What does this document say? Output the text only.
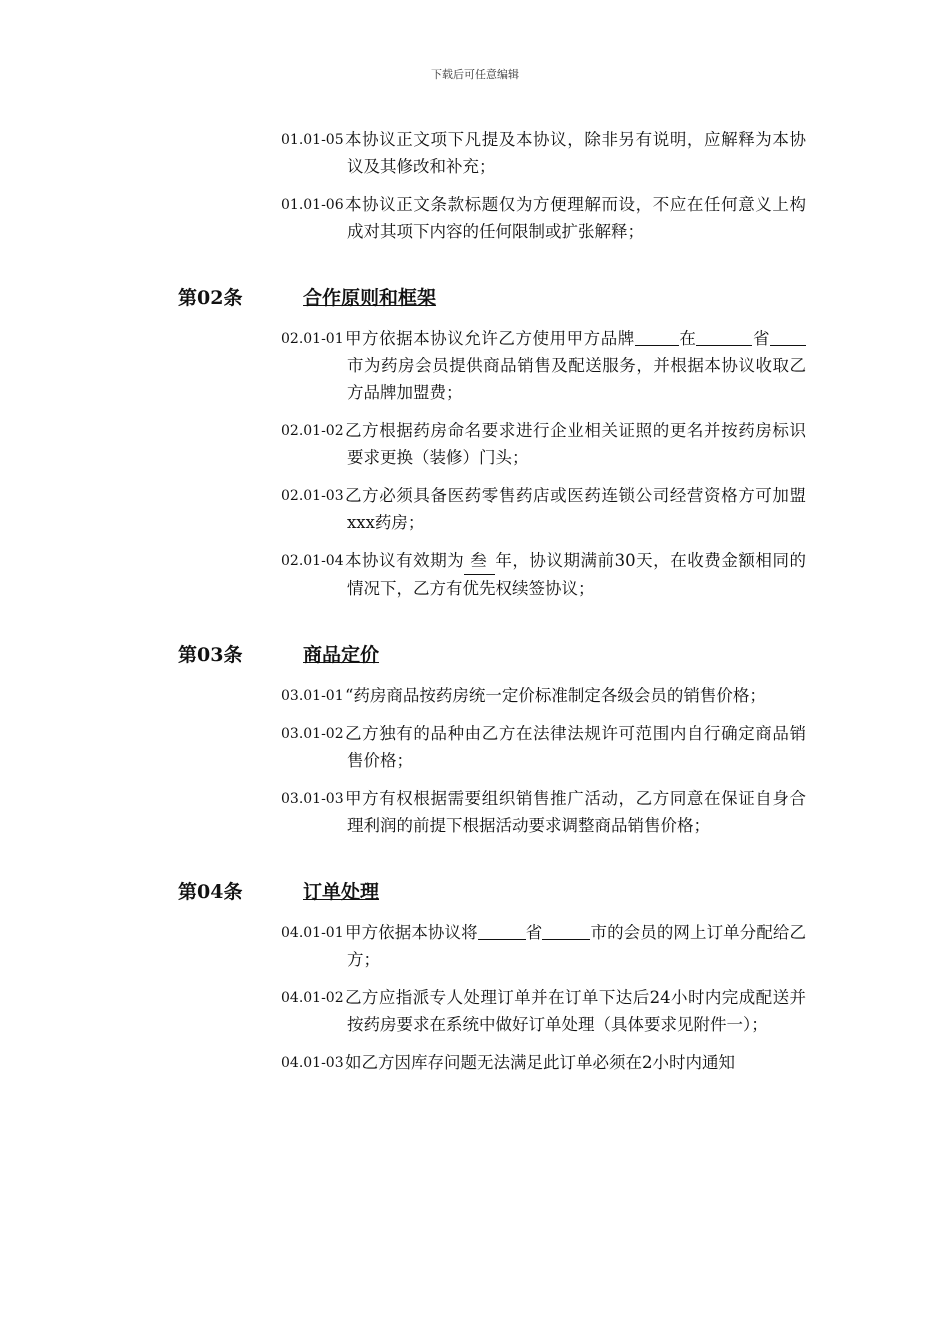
下载后可任意编辑
01.01-05 本协议正文项下凡提及本协议，除非另有说明，应解释为本协议及其修改和补充；
01.01-06 本协议正文条款标题仅为方便理解而设，不应在任何意义上构成对其项下内容的任何限制或扩张解释；
第02条	合作原则和框架
02.01-01 甲方依据本协议允许乙方使用甲方品牌	在	省市为药房会员提供商品销售及配送服务，并根据本协议收取乙方品牌加盟费；
02.01-02 乙方根据药房命名要求进行企业相关证照的更名并按药房标识要求更换（装修）门头；
02.01-03 乙方必须具备医药零售药店或医药连锁公司经营资格方可加盟xxx药房；
02.01-04 本协议有效期为 叁 年，协议期满前30天，在收费金额相同的情况下，乙方有优先权续签协议；
第03条	商品定价
03.01-01 “药房商品按药房统一定价标准制定各级会员的销售价格；
03.01-02 乙方独有的品种由乙方在法律法规许可范围内自行确定商品销售价格；
03.01-03 甲方有权根据需要组织销售推广活动，乙方同意在保证自身合理利润的前提下根据活动要求调整商品销售价格；
第04条	订单处理
04.01-01 甲方依据本协议将	省	市的会员的网上订单分配给乙方；
04.01-02 乙方应指派专人处理订单并在订单下达后24小时内完成配送并按药房要求在系统中做好订单处理（具体要求见附件一）；
04.01-03 如乙方因库存问题无法满足此订单必须在2小时内通知
